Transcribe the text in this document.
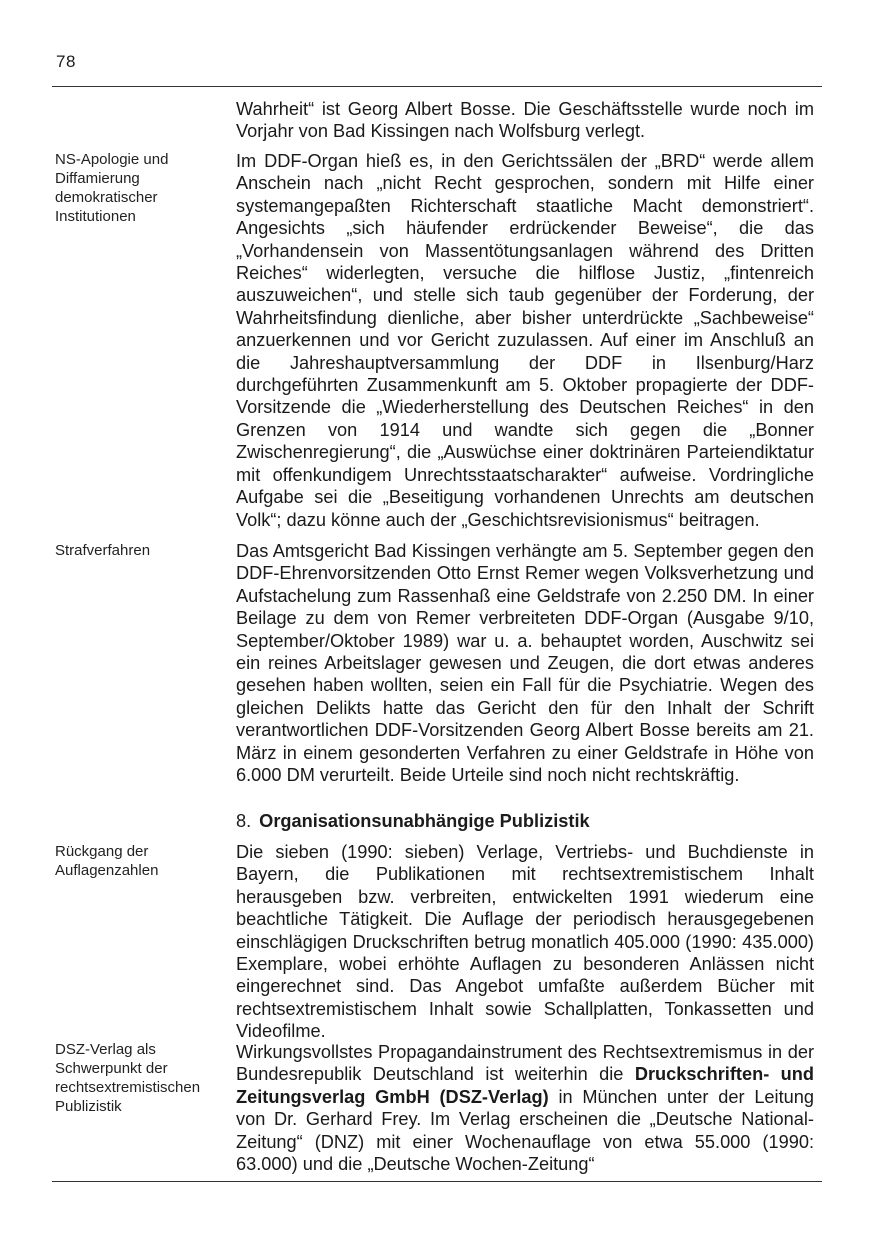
78
NS-Apologie und Diffamierung demokratischer Institutionen
Strafverfahren
Rückgang der Auflagenzahlen
DSZ-Verlag als Schwerpunkt der rechtsextremistischen Publizistik

Wahrheit“ ist Georg Albert Bosse. Die Geschäftsstelle wurde noch im Vorjahr von Bad Kissingen nach Wolfsburg verlegt.

Im DDF-Organ hieß es, in den Gerichtssälen der „BRD“ werde allem Anschein nach „nicht Recht gesprochen, sondern mit Hilfe einer systemangepaßten Richterschaft staatliche Macht demonstriert“. Angesichts „sich häufender erdrückender Beweise“, die das „Vorhandensein von Massentötungsanlagen während des Dritten Reiches“ widerlegten, versuche die hilflose Justiz, „fintenreich auszuweichen“, und stelle sich taub gegenüber der Forderung, der Wahrheitsfindung dienliche, aber bisher unterdrückte „Sachbeweise“ anzuerkennen und vor Gericht zuzulassen. Auf einer im Anschluß an die Jahreshauptversammlung der DDF in Ilsenburg/Harz durchgeführten Zusammenkunft am 5. Oktober propagierte der DDF-Vorsitzende die „Wiederherstellung des Deutschen Reiches“ in den Grenzen von 1914 und wandte sich gegen die „Bonner Zwischenregierung“, die „Auswüchse einer doktrinären Parteiendiktatur mit offenkundigem Unrechtsstaatscharakter“ aufweise. Vordringliche Aufgabe sei die „Beseitigung vorhandenen Unrechts am deutschen Volk“; dazu könne auch der „Geschichtsrevisionismus“ beitragen.

Das Amtsgericht Bad Kissingen verhängte am 5. September gegen den DDF-Ehrenvorsitzenden Otto Ernst Remer wegen Volksverhetzung und Aufstachelung zum Rassenhaß eine Geldstrafe von 2.250 DM. In einer Beilage zu dem von Remer verbreiteten DDF-Organ (Ausgabe 9/10, September/Oktober 1989) war u. a. behauptet worden, Auschwitz sei ein reines Arbeitslager gewesen und Zeugen, die dort etwas anderes gesehen haben wollten, seien ein Fall für die Psychiatrie. Wegen des gleichen Delikts hatte das Gericht den für den Inhalt der Schrift verantwortlichen DDF-Vorsitzenden Georg Albert Bosse bereits am 21. März in einem gesonderten Verfahren zu einer Geldstrafe in Höhe von 6.000 DM verurteilt. Beide Urteile sind noch nicht rechtskräftig.

8. Organisationsunabhängige Publizistik

Die sieben (1990: sieben) Verlage, Vertriebs- und Buchdienste in Bayern, die Publikationen mit rechtsextremistischem Inhalt herausgeben bzw. verbreiten, entwickelten 1991 wiederum eine beachtliche Tätigkeit. Die Auflage der periodisch herausgegebenen einschlägigen Druckschriften betrug monatlich 405.000 (1990: 435.000) Exemplare, wobei erhöhte Auflagen zu besonderen Anlässen nicht eingerechnet sind. Das Angebot umfaßte außerdem Bücher mit rechtsextremistischem Inhalt sowie Schallplatten, Tonkassetten und Videofilme.

Wirkungsvollstes Propagandainstrument des Rechtsextremismus in der Bundesrepublik Deutschland ist weiterhin die Druckschriften- und Zeitungsverlag GmbH (DSZ-Verlag) in München unter der Leitung von Dr. Gerhard Frey. Im Verlag erscheinen die „Deutsche National-Zeitung“ (DNZ) mit einer Wochenauflage von etwa 55.000 (1990: 63.000) und die „Deutsche Wochen-Zeitung“
